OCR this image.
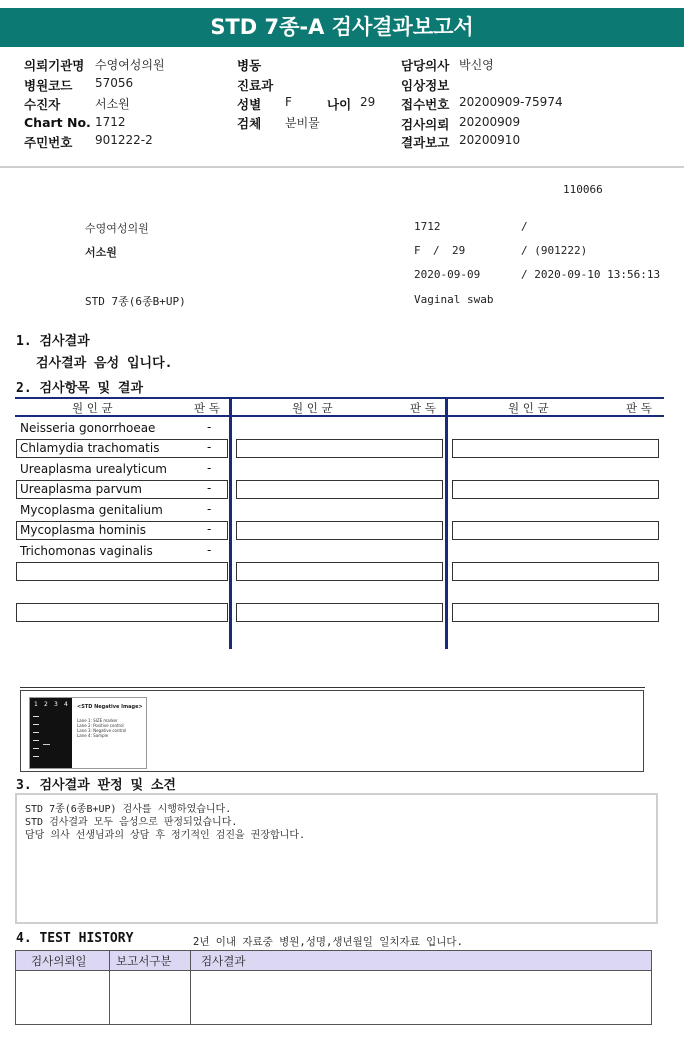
STD 7종-A 검사결과보고서
의뢰기관명 수영여성의원
병원코드 57056
수진자	서소원
Chart No. 1712
주민번호 901222-2
병동
진료과
성별 F	나이 29
검체 분비물
담당의사 박신영
임상정보
접수번호 20200909-75974
검사의뢰 20200909
결과보고 20200910
110066
수영여성의원	1712	/
서소원	F / 29	/ (901222)
2020-09-09	/ 2020-09-10 13:56:13
STD 7종(6종B+UP)	Vaginal swab
1. 검사결과
검사결과 음성 입니다.
2. 검사항목 및 결과
원 인 균	판 독	원 인 균	판 독	원 인 균	판 독
Neisseria gonorrhoeae	-
Chlamydia trachomatis	-
Ureaplasma urealyticum	-
Ureaplasma parvum	-
Mycoplasma genitalium	-
Mycoplasma hominis	-
Trichomonas vaginalis	-
1 2 3 4 <STD Negative Image>
Lane 1: SIZE marker
Lane 2: Positive control
Lane 3: Negative control
Lane 4: Sample
3. 검사결과 판정 및 소견
STD 7종(6종B+UP) 검사를 시행하였습니다.
STD 검사결과 모두 음성으로 판정되었습니다.
담당 의사 선생님과의 상담 후 정기적인 검진을 권장합니다.
4. TEST HISTORY	2년 이내 자료중 병원,성명,생년월일 일치자료 입니다.
검사의뢰일	보고서구분	검사결과
